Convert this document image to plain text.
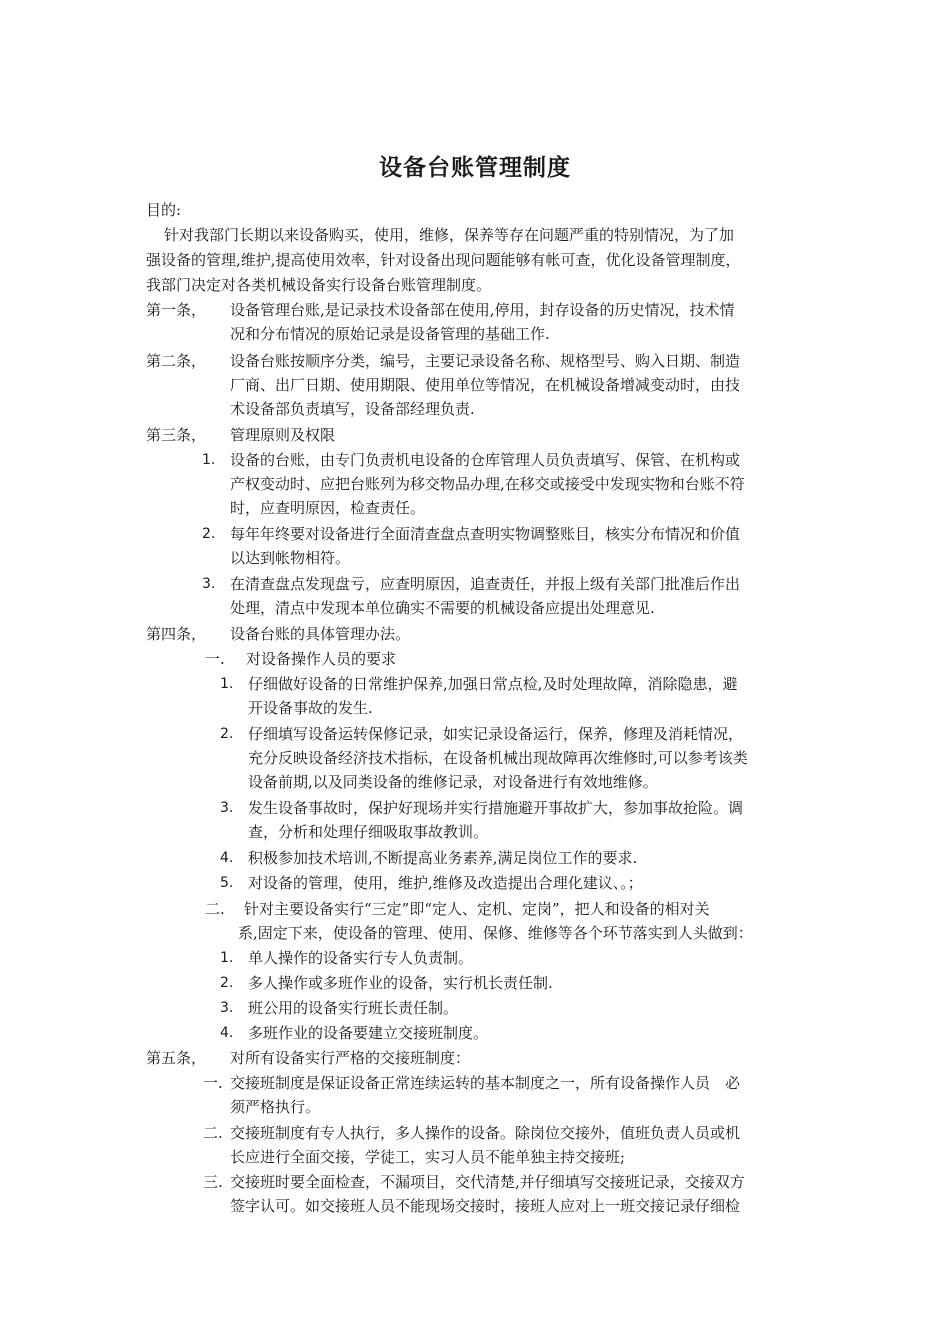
设备台账管理制度
目的:
针对我部门长期以来设备购买，使用，维修，保养等存在问题严重的特别情况，为了加
强设备的管理,维护,提高使用效率，针对设备出现问题能够有帐可查，优化设备管理制度，
我部门决定对各类机械设备实行设备台账管理制度。
第一条， 设备管理台账,是记录技术设备部在使用,停用，封存设备的历史情况，技术情
况和分布情况的原始记录是设备管理的基础工作.
第二条， 设备台账按顺序分类，编号，主要记录设备名称、规格型号、购入日期、制造
厂商、出厂日期、使用期限、使用单位等情况，在机械设备增减变动时，由技
术设备部负责填写，设备部经理负责.
第三条， 管理原则及权限
1. 设备的台账，由专门负责机电设备的仓库管理人员负责填写、保管、在机构或
产权变动时、应把台账列为移交物品办理,在移交或接受中发现实物和台账不符
时，应查明原因，检查责任。
2. 每年年终要对设备进行全面清查盘点查明实物调整账目，核实分布情况和价值
以达到帐物相符。
3. 在清查盘点发现盘亏，应查明原因，追查责任，并报上级有关部门批准后作出
处理，清点中发现本单位确实不需要的机械设备应提出处理意见.
第四条， 设备台账的具体管理办法。
一. 对设备操作人员的要求
1. 仔细做好设备的日常维护保养,加强日常点检,及时处理故障，消除隐患，避
开设备事故的发生.
2. 仔细填写设备运转保修记录，如实记录设备运行，保养，修理及消耗情况，
充分反映设备经济技术指标，在设备机械出现故障再次维修时,可以参考该类
设备前期,以及同类设备的维修记录，对设备进行有效地维修。
3. 发生设备事故时，保护好现场并实行措施避开事故扩大，参加事故抢险。调
查，分析和处理仔细吸取事故教训。
4. 积极参加技术培训,不断提高业务素养,满足岗位工作的要求.
5. 对设备的管理，使用，维护,维修及改造提出合理化建议、。；
二. 针对主要设备实行“三定”即“定人、定机、定岗”，把人和设备的相对关
系,固定下来，使设备的管理、使用、保修、维修等各个环节落实到人头做到：
1. 单人操作的设备实行专人负责制。
2. 多人操作或多班作业的设备，实行机长责任制.
3. 班公用的设备实行班长责任制。
4. 多班作业的设备要建立交接班制度。
第五条， 对所有设备实行严格的交接班制度：
一. 交接班制度是保证设备正常连续运转的基本制度之一，所有设备操作人员　必
须严格执行。
二. 交接班制度有专人执行，多人操作的设备。除岗位交接外，值班负责人员或机
长应进行全面交接，学徒工，实习人员不能单独主持交接班;
三. 交接班时要全面检查，不漏项目，交代清楚,并仔细填写交接班记录，交接双方
签字认可。如交接班人员不能现场交接时，接班人应对上一班交接记录仔细检
